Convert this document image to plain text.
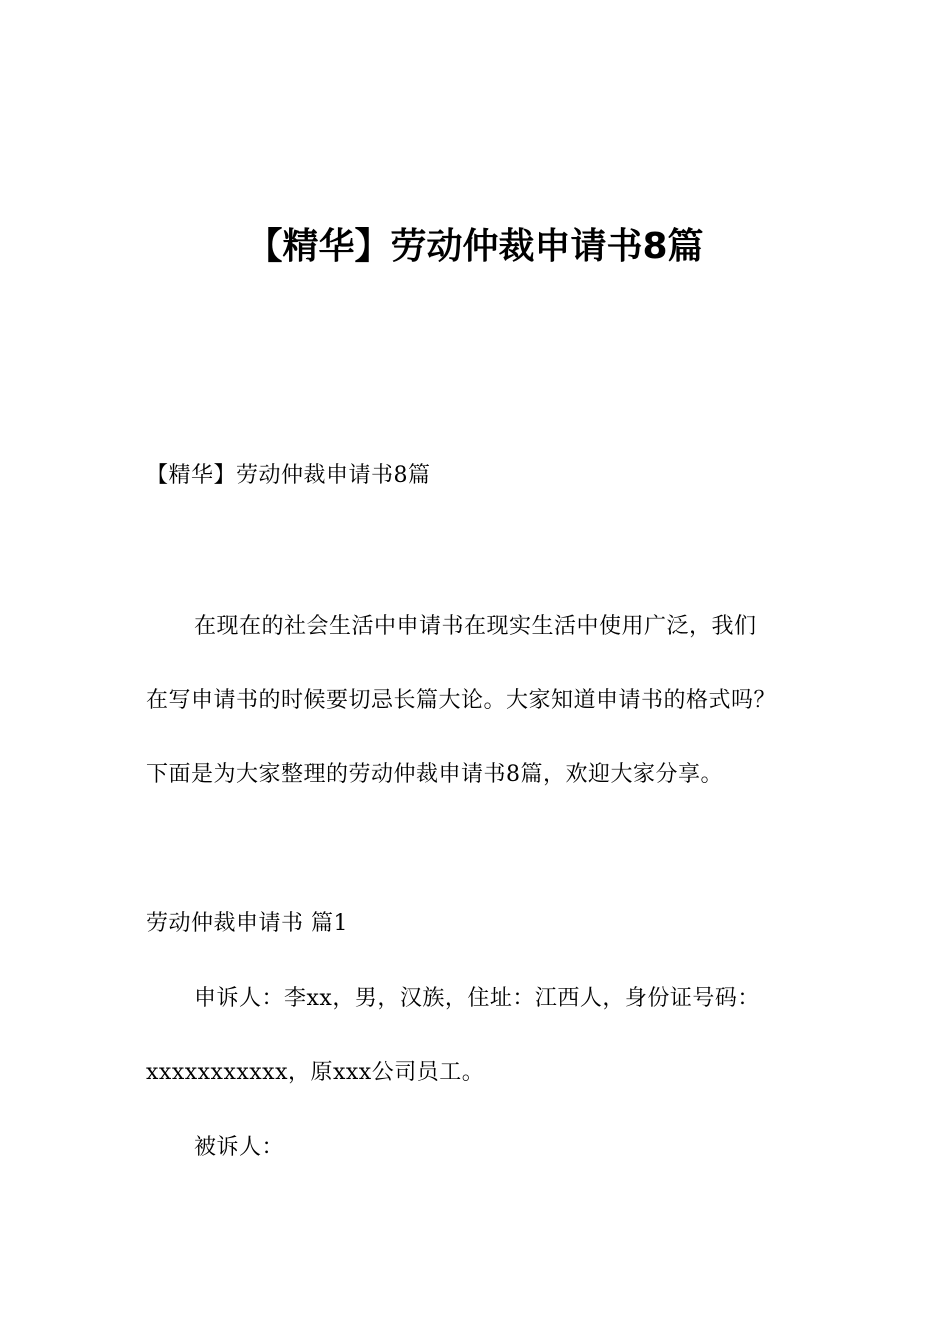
【精华】劳动仲裁申请书8篇
【精华】劳动仲裁申请书8篇
在现在的社会生活中申请书在现实生活中使用广泛，我们
在写申请书的时候要切忌长篇大论。大家知道申请书的格式吗？
下面是为大家整理的劳动仲裁申请书8篇，欢迎大家分享。
劳动仲裁申请书 篇1
申诉人：李xx，男，汉族，住址：江西人，身份证号码：
xxxxxxxxxxx，原xxx公司员工。
被诉人：
